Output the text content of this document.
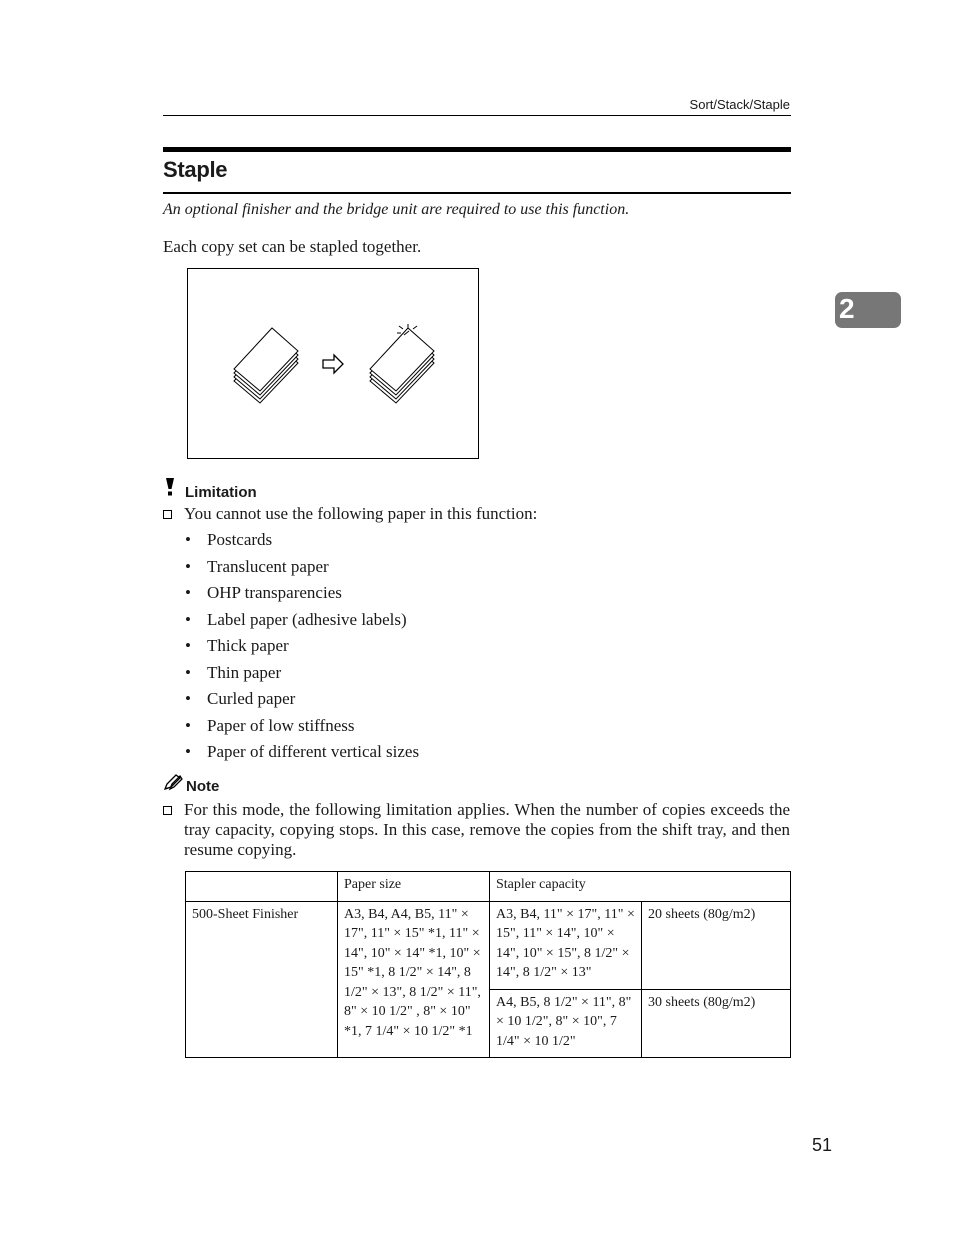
Sort/Stack/Staple
Staple
An optional finisher and the bridge unit are required to use this function.
Each copy set can be stapled together.
2
Limitation
You cannot use the following paper in this function:
• Postcards
• Translucent paper
• OHP transparencies
• Label paper (adhesive labels)
• Thick paper
• Thin paper
• Curled paper
• Paper of low stiffness
• Paper of different vertical sizes
Note
For this mode, the following limitation applies. When the number of copies exceeds the tray capacity, copying stops. In this case, remove the copies from the shift tray, and then resume copying.
	Paper size	Stapler capacity	
500-Sheet Finisher	A3, B4, A4, B5, 11" × 17", 11" × 15" *1, 11" × 14", 10" × 14" *1, 10" × 15" *1, 8 1/2" × 14", 8 1/2" × 13", 8 1/2" × 11", 8" × 10 1/2" , 8" × 10" *1, 7 1/4" × 10 1/2" *1	A3, B4, 11" × 17", 11" × 15", 11" × 14", 10" × 14", 10" × 15", 8 1/2" × 14", 8 1/2" × 13"	20 sheets (80g/m2)
		A4, B5, 8 1/2" × 11", 8" × 10 1/2", 8" × 10", 7 1/4" × 10 1/2"	30 sheets (80g/m2)
51
